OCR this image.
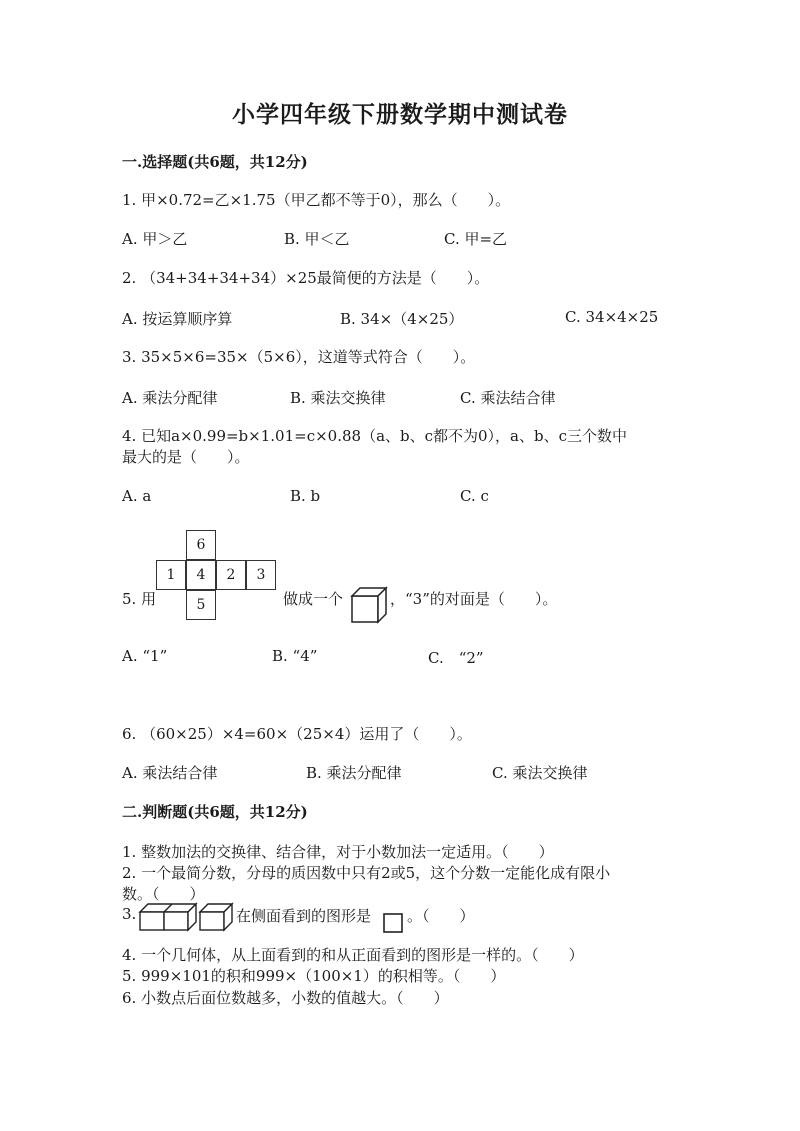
小学四年级下册数学期中测试卷
一.选择题(共6题，共12分)
1. 甲×0.72=乙×1.75（甲乙都不等于0），那么（　　）。
A. 甲＞乙	B. 甲＜乙	C. 甲=乙
2. （34+34+34+34）×25最简便的方法是（　　）。
A. 按运算顺序算	B. 34×（4×25）	C. 34×4×25
3. 35×5×6=35×（5×6），这道等式符合（　　）。
A. 乘法分配律	B. 乘法交换律	C. 乘法结合律
4. 已知a×0.99=b×1.01=c×0.88（a、b、c都不为0），a、b、c三个数中
最大的是（　　）。
A. a	B. b	C. c
5. 用
6
1	4	2	3
5	做成一个	，“3”的对面是（　　）。
A. “1”	B. “4”	C.　“2”
6. （60×25）×4=60×（25×4）运用了（　　）。
A. 乘法结合律	B. 乘法分配律	C. 乘法交换律
二.判断题(共6题，共12分)
1. 整数加法的交换律、结合律，对于小数加法一定适用。（　　）
2. 一个最简分数，分母的质因数中只有2或5，这个分数一定能化成有限小
数。（　　）
3.	在侧面看到的图形是 。（　　）
4. 一个几何体，从上面看到的和从正面看到的图形是一样的。（　　）
5. 999×101的积和999×（100×1）的积相等。（　　）
6. 小数点后面位数越多，小数的值越大。（　　）
